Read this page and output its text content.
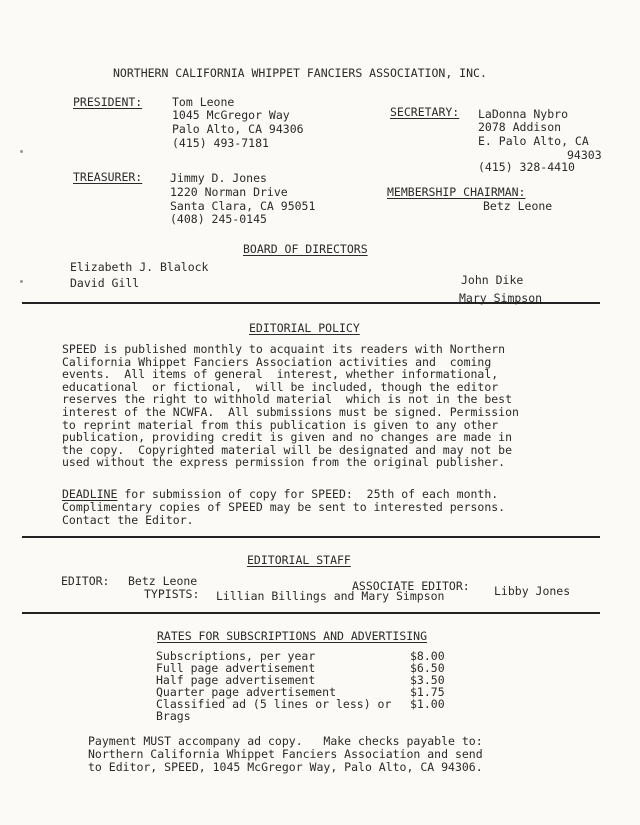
NORTHERN CALIFORNIA WHIPPET FANCIERS ASSOCIATION, INC.
PRESIDENT:	Tom Leone
1045 McGregor Way
Palo Alto, CA 94306
(415) 493-7181
SECRETARY: LaDonna Nybro
2078 Addison
E. Palo Alto, CA
94303
(415) 328-4410
TREASURER: Jimmy D. Jones
1220 Norman Drive
Santa Clara, CA 95051
(408) 245-0145
MEMBERSHIP CHAIRMAN:
Betz Leone
BOARD OF DIRECTORS
Elizabeth J. Blalock
David Gill	John Dike
Mary Simpson
EDITORIAL POLICY
SPEED is published monthly to acquaint its readers with Northern
California Whippet Fanciers Association activities and  coming
events.  All items of general  interest, whether informational,
educational  or fictional,  will be included, though the editor
reserves the right to withhold material  which is not in the best
interest of the NCWFA.  All submissions must be signed. Permission
to reprint material from this publication is given to any other
publication, providing credit is given and no changes are made in
the copy.  Copyrighted material will be designated and may not be
used without the express permission from the original publisher.
DEADLINE for submission of copy for SPEED:  25th of each month.
Complimentary copies of SPEED may be sent to interested persons.
Contact the Editor.
EDITORIAL STAFF
EDITOR: Betz Leone	ASSOCIATE EDITOR: Libby Jones
TYPISTS: Lillian Billings and Mary Simpson
RATES FOR SUBSCRIPTIONS AND ADVERTISING
Subscriptions, per year	$8.00
Full page advertisement	$6.50
Half page advertisement	$3.50
Quarter page advertisement	$1.75
Classified ad (5 lines or less) or $1.00
Brags
Payment MUST accompany ad copy.   Make checks payable to:
Northern California Whippet Fanciers Association and send
to Editor, SPEED, 1045 McGregor Way, Palo Alto, CA 94306.
